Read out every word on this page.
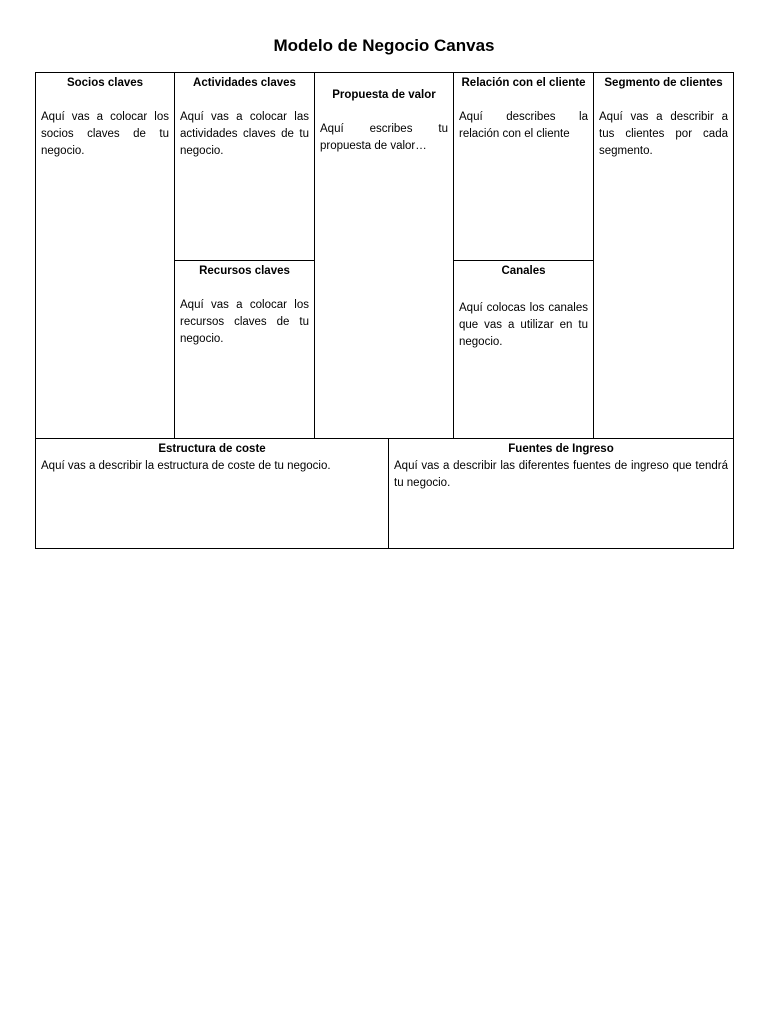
Modelo de Negocio Canvas
Socios claves
Aquí vas a colocar los socios claves de tu negocio.
Actividades claves
Aquí vas a colocar las actividades claves de tu negocio.
Recursos claves
Aquí vas a colocar los recursos claves de tu negocio.
Propuesta de valor
Aquí escribes tu propuesta de valor…
Relación con el cliente
Aquí describes la relación con el cliente
Canales
Aquí colocas los canales que vas a utilizar en tu negocio.
Segmento de clientes
Aquí vas a describir a tus clientes por cada segmento.
Estructura de coste
Aquí vas a describir la estructura de coste de tu negocio.
Fuentes de Ingreso
Aquí vas a describir las diferentes fuentes de ingreso que tendrá tu negocio.
